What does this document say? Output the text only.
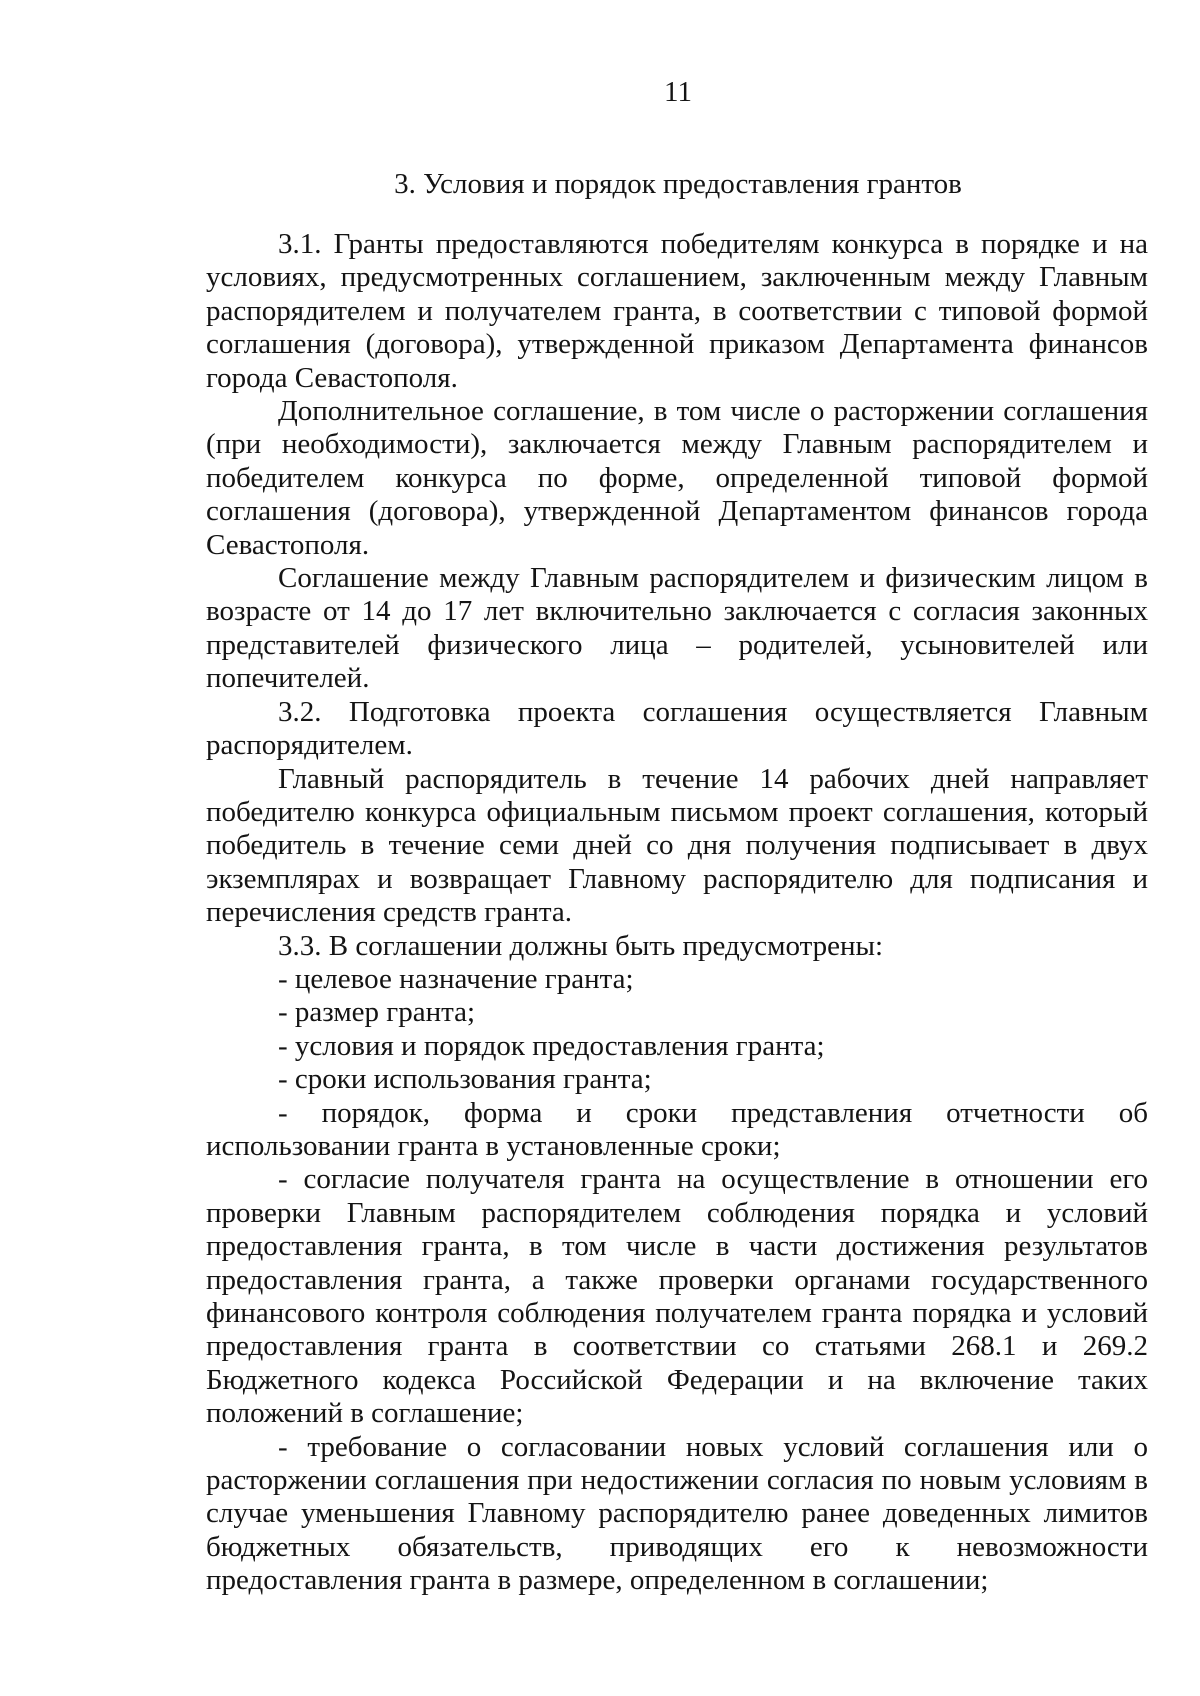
11
3. Условия и порядок предоставления грантов

3.1. Гранты предоставляются победителям конкурса в порядке и на условиях, предусмотренных соглашением, заключенным между Главным распорядителем и получателем гранта, в соответствии с типовой формой соглашения (договора), утвержденной приказом Департамента финансов города Севастополя.

Дополнительное соглашение, в том числе о расторжении соглашения (при необходимости), заключается между Главным распорядителем и победителем конкурса по форме, определенной типовой формой соглашения (договора), утвержденной Департаментом финансов города Севастополя.

Соглашение между Главным распорядителем и физическим лицом в возрасте от 14 до 17 лет включительно заключается с согласия законных представителей физического лица – родителей, усыновителей или попечителей.

3.2. Подготовка проекта соглашения осуществляется Главным распорядителем.

Главный распорядитель в течение 14 рабочих дней направляет победителю конкурса официальным письмом проект соглашения, который победитель в течение семи дней со дня получения подписывает в двух экземплярах и возвращает Главному распорядителю для подписания и перечисления средств гранта.

3.3. В соглашении должны быть предусмотрены:

- целевое назначение гранта;

- размер гранта;

- условия и порядок предоставления гранта;

- сроки использования гранта;

- порядок, форма и сроки представления отчетности об использовании гранта в установленные сроки;

- согласие получателя гранта на осуществление в отношении его проверки Главным распорядителем соблюдения порядка и условий предоставления гранта, в том числе в части достижения результатов предоставления гранта, а также проверки органами государственного финансового контроля соблюдения получателем гранта порядка и условий предоставления гранта в соответствии со статьями 268.1 и 269.2 Бюджетного кодекса Российской Федерации и на включение таких положений в соглашение;

- требование о согласовании новых условий соглашения или о расторжении соглашения при недостижении согласия по новым условиям в случае уменьшения Главному распорядителю ранее доведенных лимитов бюджетных обязательств, приводящих его к невозможности предоставления гранта в размере, определенном в соглашении;
